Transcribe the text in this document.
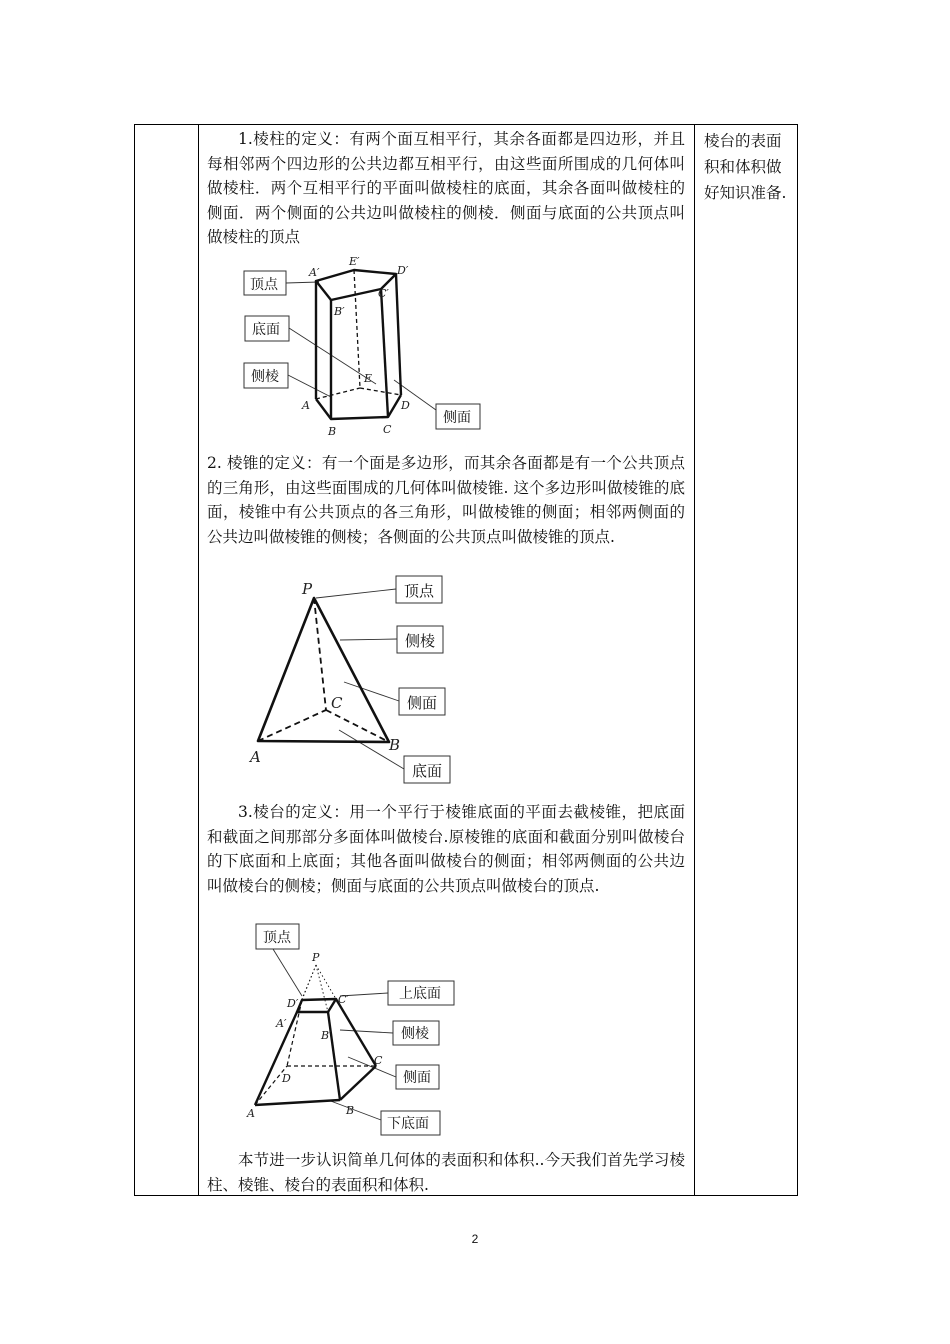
1.棱柱的定义：有两个面互相平行，其余各面都是四边形，并且每相邻两个四边形的公共边都互相平行，由这些面所围成的几何体叫做棱柱．两个互相平行的平面叫做棱柱的底面，其余各面叫做棱柱的侧面．两个侧面的公共边叫做棱柱的侧棱．侧面与底面的公共顶点叫做棱柱的顶点
2. 棱锥的定义：有一个面是多边形，而其余各面都是有一个公共顶点的三角形，由这些面围成的几何体叫做棱锥. 这个多边形叫做棱锥的底面，棱锥中有公共顶点的各三角形，叫做棱锥的侧面；相邻两侧面的公共边叫做棱锥的侧棱；各侧面的公共顶点叫做棱锥的顶点.
3.棱台的定义：用一个平行于棱锥底面的平面去截棱锥，把底面和截面之间那部分多面体叫做棱台.原棱锥的底面和截面分别叫做棱台的下底面和上底面；其他各面叫做棱台的侧面；相邻两侧面的公共边叫做棱台的侧棱；侧面与底面的公共顶点叫做棱台的顶点.
本节进一步认识简单几何体的表面积和体积..今天我们首先学习棱柱、棱锥、棱台的表面积和体积.
棱台的表面积和体积做好知识准备.
顶点
底面
侧棱
侧面
A′
E′
D′
C′
B′
E
A
B	C
D
顶点
侧棱
侧面
底面
P
C
A
B
顶点
上底面
侧棱
侧面
下底面
P
D′	C′
A′
B′
C
D
A	B
2
